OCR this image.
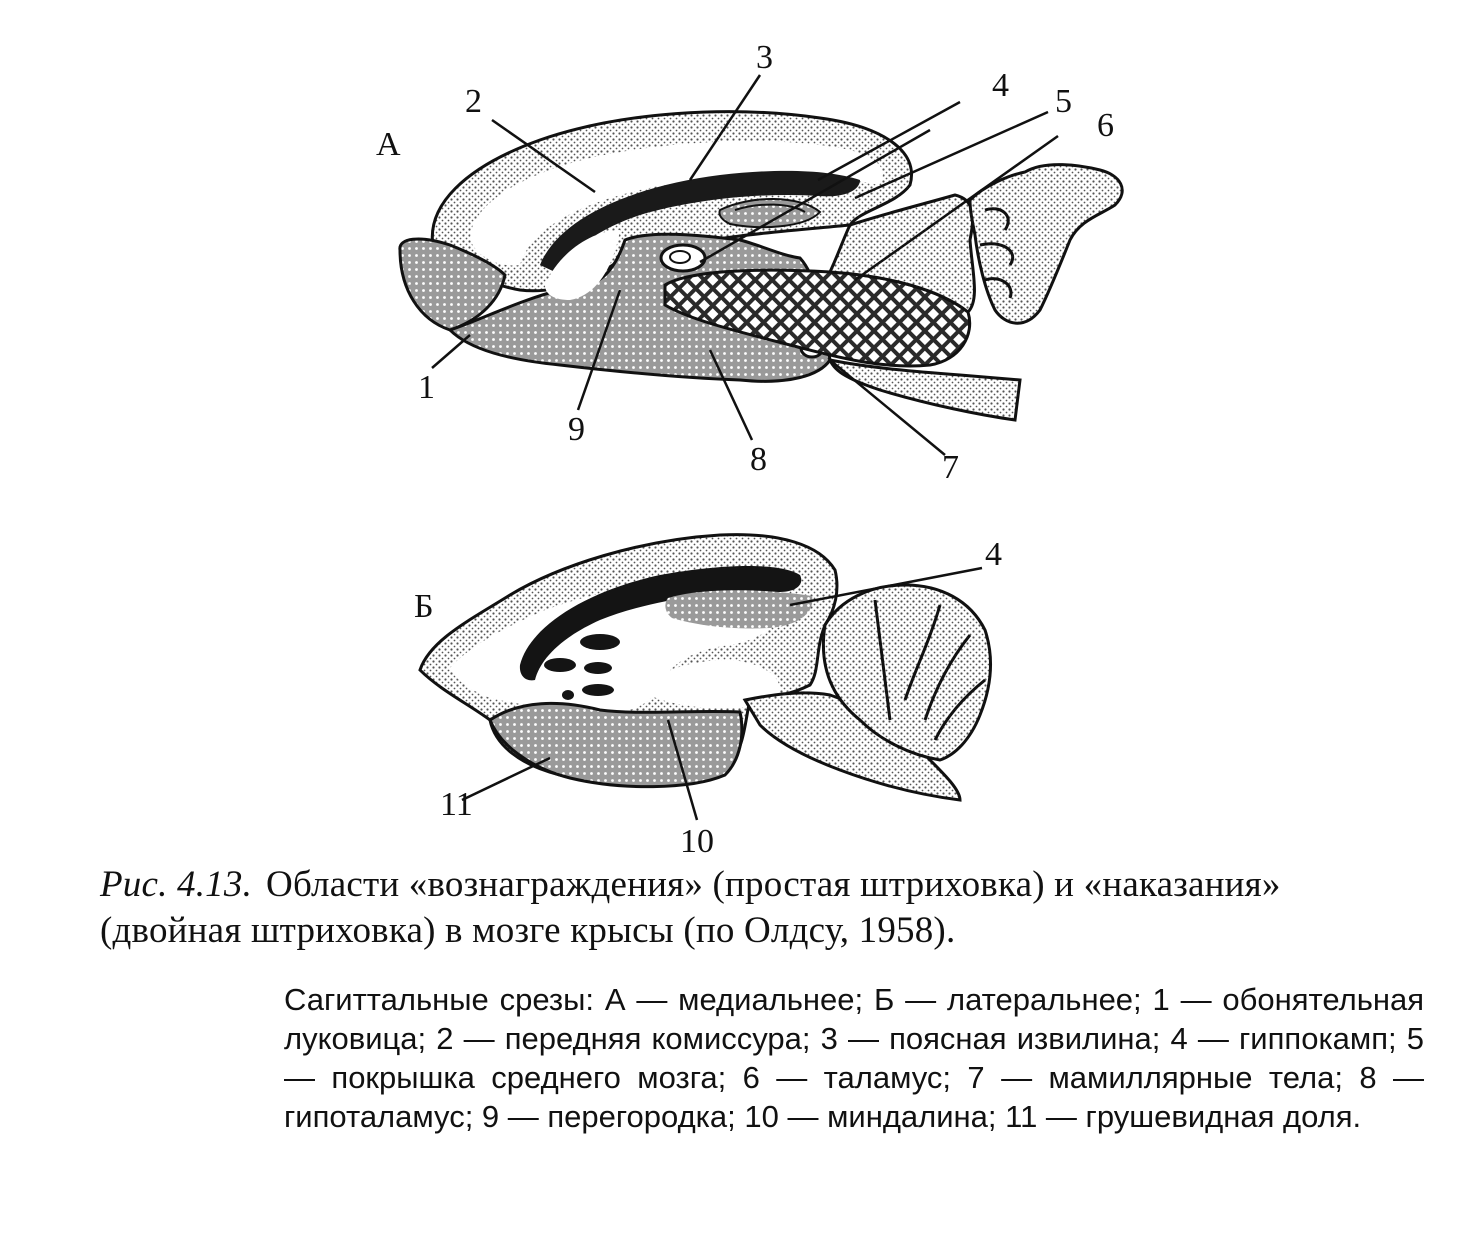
А
1
2
3
4 5
6
7
8
9
Б
4
10
11
Рис. 4.13. Области «вознаграждения» (простая штриховка) и «наказания» (двойная штриховка) в мозге крысы (по Олдсу, 1958).
Сагиттальные срезы: А — медиальнее; Б — латеральнее; 1 — обонятельная луковица; 2 — передняя комиссура; 3 — поясная извилина; 4 — гиппокамп; 5 — покрышка среднего мозга; 6 — таламус; 7 — мамиллярные тела; 8 — гипоталамус; 9 — перегородка; 10 — миндалина; 11 — грушевидная доля.
